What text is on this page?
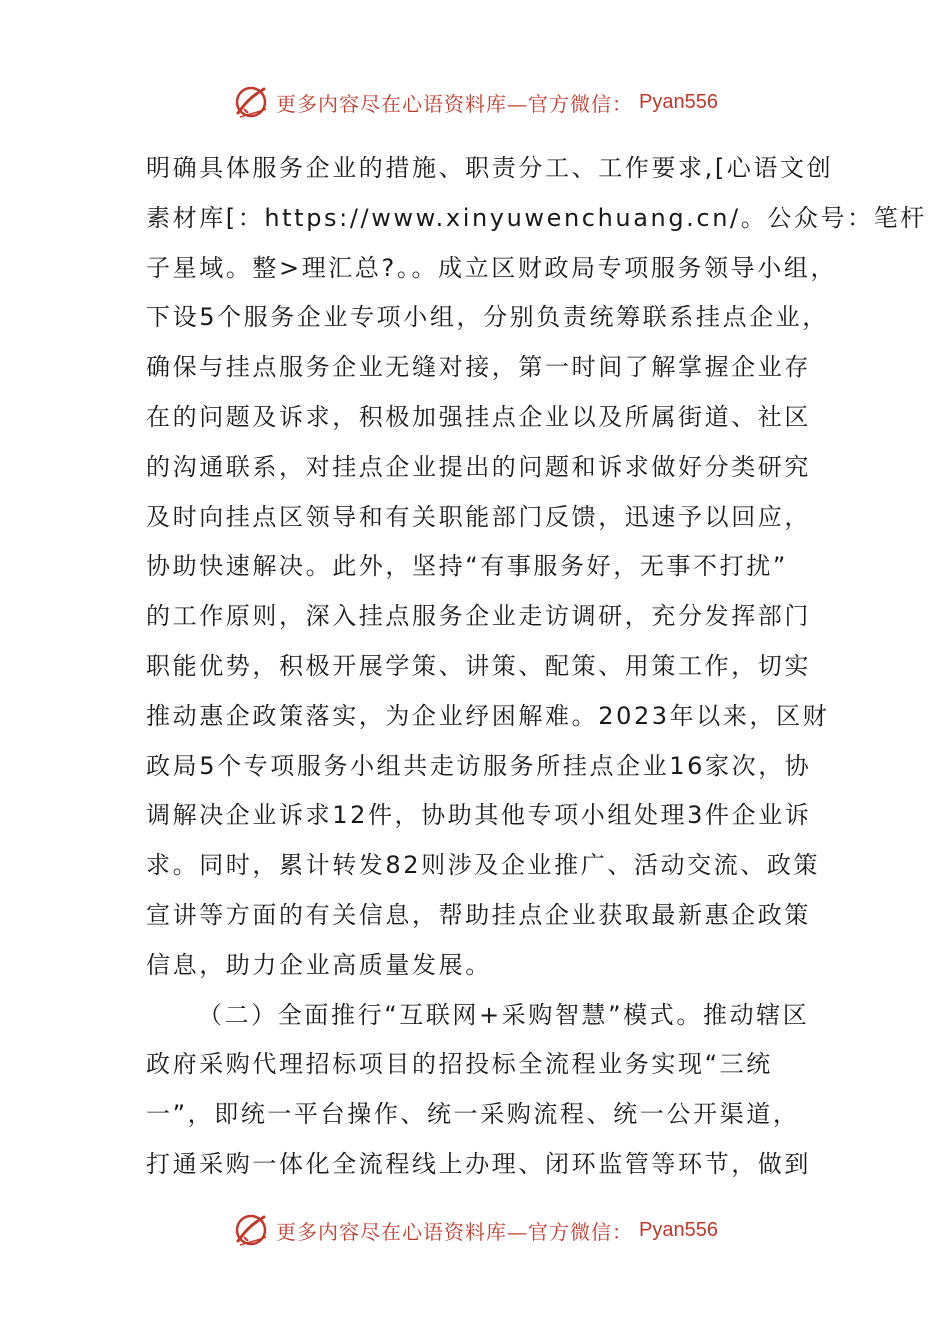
更多内容尽在心语资料库—官方微信： Pyan556
明确具体服务企业的措施、职责分工、工作要求,[心语文创
素材库[：https://www.xinyuwenchuang.cn/。公众号：笔杆
子星域。整>理汇总?。。成立区财政局专项服务领导小组，
下设5个服务企业专项小组，分别负责统筹联系挂点企业，
确保与挂点服务企业无缝对接，第一时间了解掌握企业存
在的问题及诉求，积极加强挂点企业以及所属街道、社区
的沟通联系，对挂点企业提出的问题和诉求做好分类研究
及时向挂点区领导和有关职能部门反馈，迅速予以回应，
协助快速解决。此外，坚持“有事服务好，无事不打扰”
的工作原则，深入挂点服务企业走访调研，充分发挥部门
职能优势，积极开展学策、讲策、配策、用策工作，切实
推动惠企政策落实，为企业纾困解难。2023年以来，区财
政局5个专项服务小组共走访服务所挂点企业16家次，协
调解决企业诉求12件，协助其他专项小组处理3件企业诉
求。同时，累计转发82则涉及企业推广、活动交流、政策
宣讲等方面的有关信息，帮助挂点企业获取最新惠企政策
信息，助力企业高质量发展。
（二）全面推行“互联网+采购智慧”模式。推动辖区
政府采购代理招标项目的招投标全流程业务实现“三统
一”，即统一平台操作、统一采购流程、统一公开渠道，
打通采购一体化全流程线上办理、闭环监管等环节，做到
更多内容尽在心语资料库—官方微信： Pyan556
